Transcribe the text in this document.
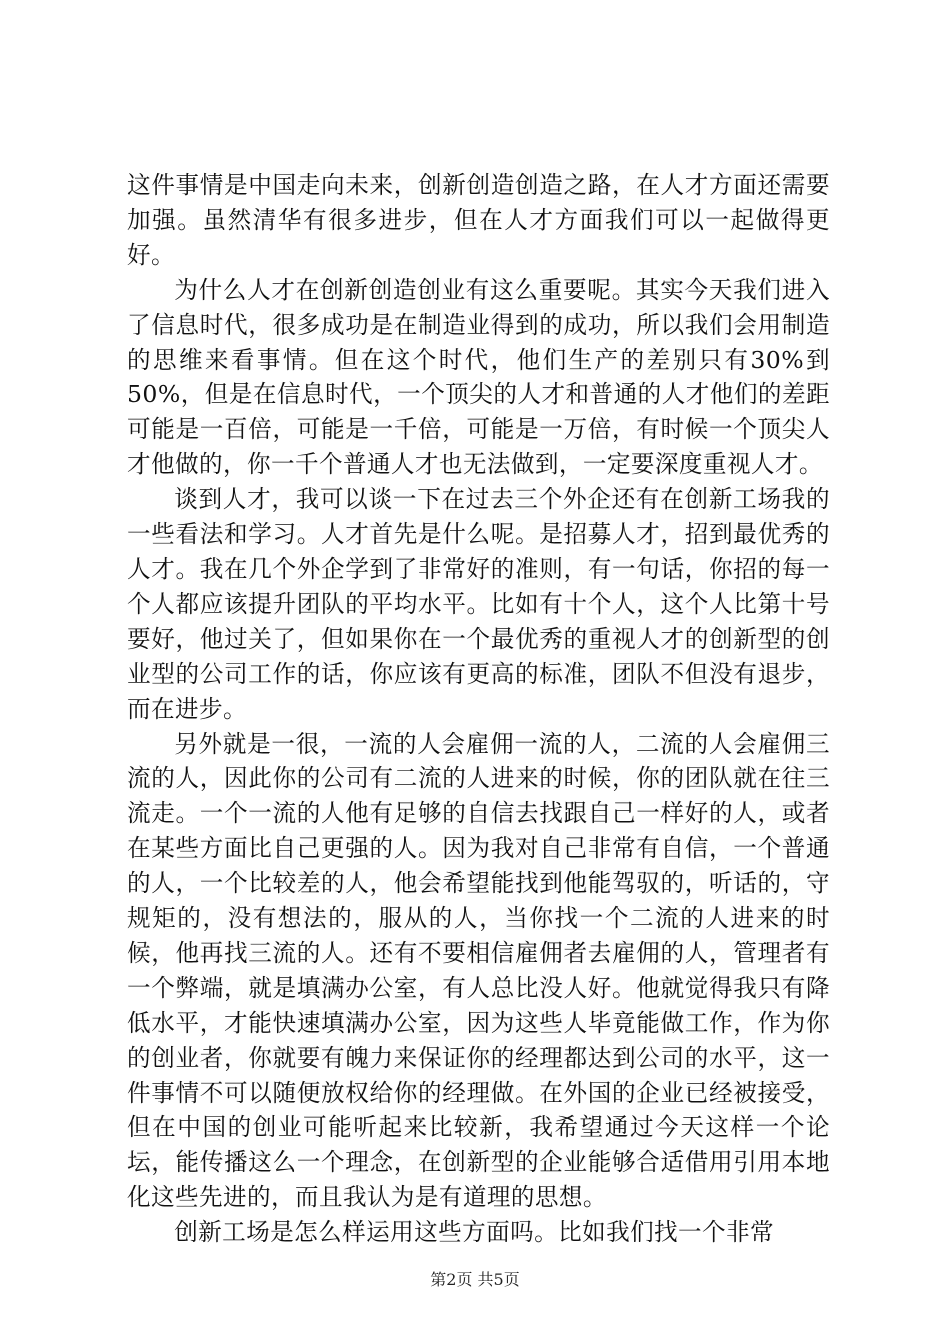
这件事情是中国走向未来，创新创造创造之路，在人才方面还需要加强。虽然清华有很多进步，但在人才方面我们可以一起做得更好。

为什么人才在创新创造创业有这么重要呢。其实今天我们进入了信息时代，很多成功是在制造业得到的成功，所以我们会用制造的思维来看事情。但在这个时代，他们生产的差别只有30%到50%，但是在信息时代，一个顶尖的人才和普通的人才他们的差距可能是一百倍，可能是一千倍，可能是一万倍，有时候一个顶尖人才他做的，你一千个普通人才也无法做到，一定要深度重视人才。

谈到人才，我可以谈一下在过去三个外企还有在创新工场我的一些看法和学习。人才首先是什么呢。是招募人才，招到最优秀的人才。我在几个外企学到了非常好的准则，有一句话，你招的每一个人都应该提升团队的平均水平。比如有十个人，这个人比第十号要好，他过关了，但如果你在一个最优秀的重视人才的创新型的创业型的公司工作的话，你应该有更高的标准，团队不但没有退步，而在进步。

另外就是一很，一流的人会雇佣一流的人，二流的人会雇佣三流的人，因此你的公司有二流的人进来的时候，你的团队就在往三流走。一个一流的人他有足够的自信去找跟自己一样好的人，或者在某些方面比自己更强的人。因为我对自己非常有自信，一个普通的人，一个比较差的人，他会希望能找到他能驾驭的，听话的，守规矩的，没有想法的，服从的人，当你找一个二流的人进来的时候，他再找三流的人。还有不要相信雇佣者去雇佣的人，管理者有一个弊端，就是填满办公室，有人总比没人好。他就觉得我只有降低水平，才能快速填满办公室，因为这些人毕竟能做工作，作为你的创业者，你就要有魄力来保证你的经理都达到公司的水平，这一件事情不可以随便放权给你的经理做。在外国的企业已经被接受，但在中国的创业可能听起来比较新，我希望通过今天这样一个论坛，能传播这么一个理念，在创新型的企业能够合适借用引用本地化这些先进的，而且我认为是有道理的思想。

创新工场是怎么样运用这些方面吗。比如我们找一个非常

第2页 共5页
